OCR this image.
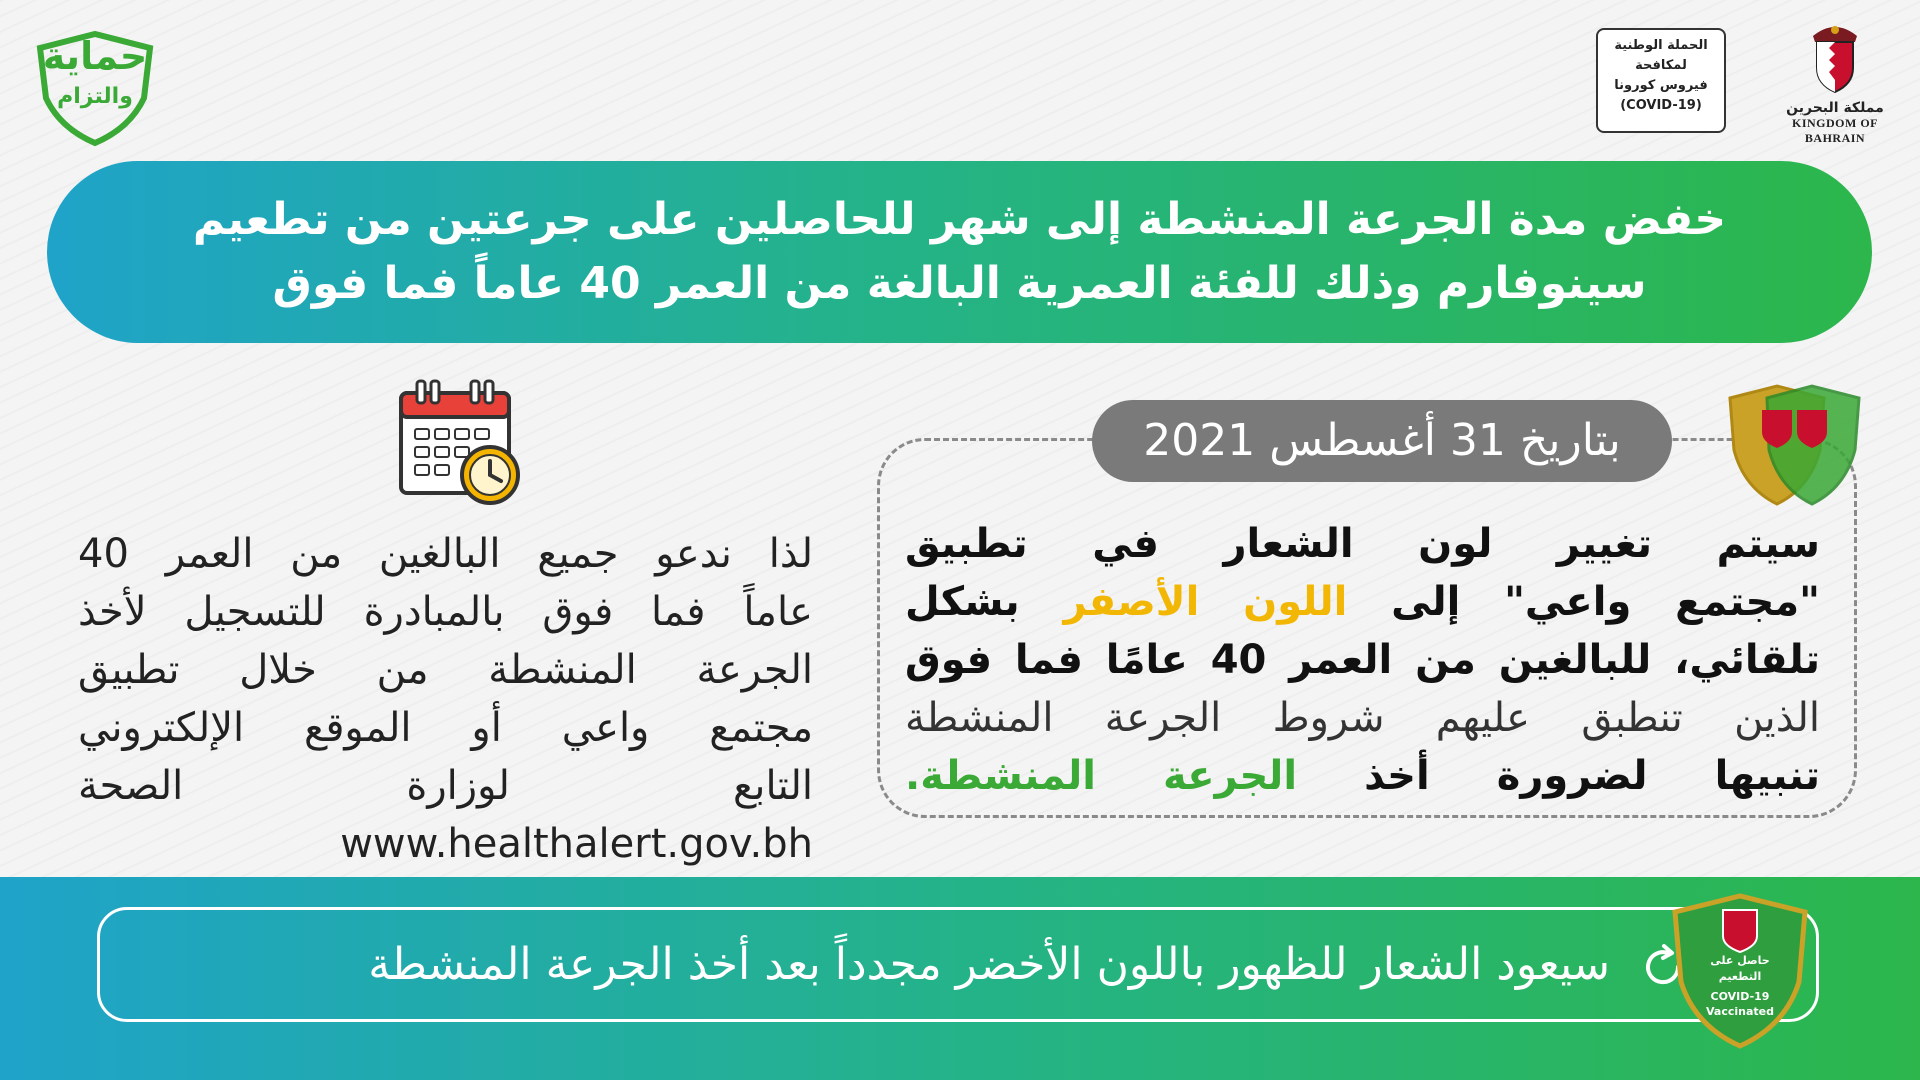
حماية
والتزام
الحملة الوطنية
لمكافحة
فيروس كورونا
(COVID-19)	مملكة البحرين
KINGDOM OF BAHRAIN
خفض مدة الجرعة المنشطة إلى شهر للحاصلين على جرعتين من تطعيم
سينوفارم وذلك للفئة العمرية البالغة من العمر 40 عاماً فما فوق
بتاريخ 31 أغسطس 2021
سيتم تغيير لون الشعار في تطبيق
"مجتمع واعي" إلى اللون الأصفر بشكل
تلقائي، للبالغين من العمر 40 عامًا فما فوق
الذين تنطبق عليهم شروط الجرعة المنشطة
تنبيها لضرورة أخذ الجرعة المنشطة.
لذا ندعو جميع البالغين من العمر 40
عاماً فما فوق بالمبادرة للتسجيل لأخذ
الجرعة المنشطة من خلال تطبيق
مجتمع واعي أو الموقع الإلكتروني
التابع لوزارة الصحة
www.healthalert.gov.bh
سيعود الشعار للظهور باللون الأخضر مجدداً بعد أخذ الجرعة المنشطة	حاصل على
التطعيم
COVID-19
Vaccinated
